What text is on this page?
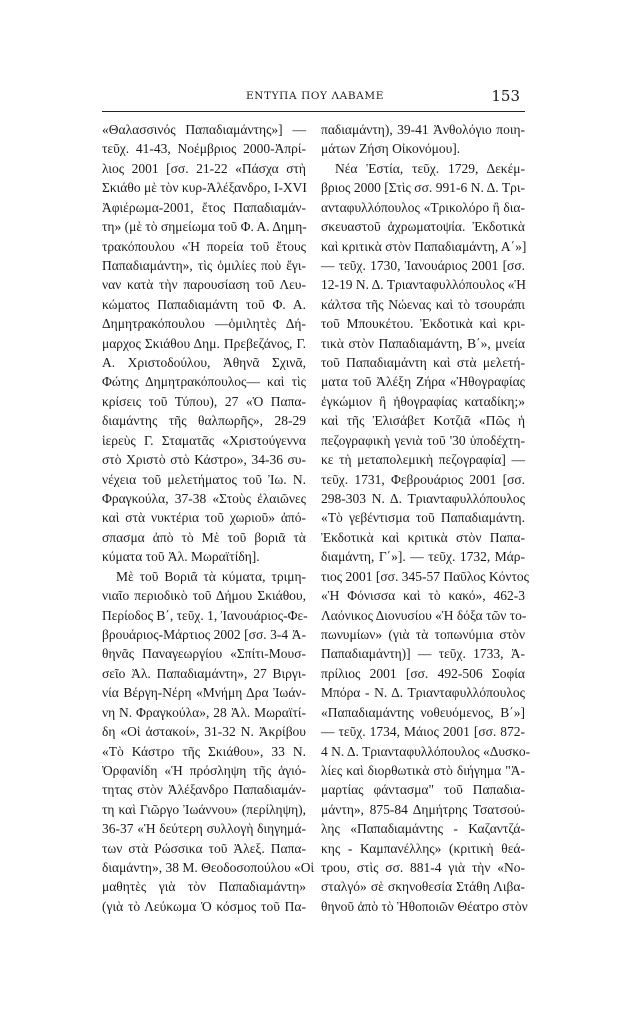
ΕΝΤΥΠΑ ΠΟΥ ΛΑΒΑΜΕ	153
«Θαλασσινός Παπαδιαμάντης»] —
τεῦχ. 41-43, Νοέμβριος 2000-Ἀπρί-
λιος 2001 [σσ. 21-22 «Πάσχα στὴ
Σκιάθο μὲ τὸν κυρ-Ἀλέξανδρο, I-XVI
Ἀφιέρωμα-2001, ἔτος Παπαδιαμάν-
τη» (μὲ τὸ σημείωμα τοῦ Φ. Α. Δημη-
τρακόπουλου «Ἡ πορεία τοῦ ἔτους
Παπαδιαμάντη», τὶς ὁμιλίες ποὺ ἔγι-
ναν κατὰ τὴν παρουσίαση τοῦ Λευ-
κώματος Παπαδιαμάντη τοῦ Φ. Α.
Δημητρακόπουλου —ὁμιλητὲς Δή-
μαρχος Σκιάθου Δημ. Πρεβεζάνος, Γ.
Α. Χριστοδούλου, Ἀθηνᾶ Σχινᾶ,
Φώτης Δημητρακόπουλος— καὶ τὶς
κρίσεις τοῦ Τύπου), 27 «Ὁ Παπα-
διαμάντης τῆς θαλπωρῆς», 28-29
ἱερεὺς Γ. Σταματᾶς «Χριστούγεννα
στὸ Χριστὸ στὸ Κάστρο», 34-36 συ-
νέχεια τοῦ μελετήματος τοῦ Ἰω. Ν.
Φραγκούλα, 37-38 «Στοὺς ἐλαιῶνες
καὶ στὰ νυκτέρια τοῦ χωριοῦ» ἀπό-
σπασμα ἀπὸ τὸ Μὲ τοῦ βοριᾶ τὰ
κύματα τοῦ Ἀλ. Μωραϊτίδη].
Μὲ τοῦ Βοριᾶ τὰ κύματα, τριμη-
νιαῖο περιοδικὸ τοῦ Δήμου Σκιάθου,
Περίοδος Β΄, τεῦχ. 1, Ἰανουάριος-Φε-
βρουάριος-Μάρτιος 2002 [σσ. 3-4 Ἀ-
θηνᾶς Παναγεωργίου «Σπίτι-Μουσ-
σεῖο Ἀλ. Παπαδιαμάντη», 27 Βιργι-
νία Βέργη-Νέρη «Μνήμη Δρα Ἰωάν-
νη Ν. Φραγκούλα», 28 Ἀλ. Μωραϊτί-
δη «Οἱ ἀστακοί», 31-32 Ν. Ἀκρίβου
«Τὸ Κάστρο τῆς Σκιάθου», 33 Ν.
Ὀρφανίδη «Ἡ πρόσληψη τῆς ἁγιό-
τητας στὸν Ἀλέξανδρο Παπαδιαμάν-
τη καὶ Γιῶργο Ἰωάννου» (περίληψη),
36-37 «Ἡ δεύτερη συλλογὴ διηγημά-
των στὰ Ρώσσικα τοῦ Ἀλεξ. Παπα-
διαμάντη», 38 Μ. Θεοδοσοπούλου «Οἱ
μαθητὲς γιὰ τὸν Παπαδιαμάντη»
(γιὰ τὸ Λεύκωμα Ὁ κόσμος τοῦ Πα-
παδιαμάντη), 39-41 Ἀνθολόγιο ποιη-
μάτων Ζήση Οἰκονόμου].
Νέα Ἑστία, τεῦχ. 1729, Δεκέμ-
βριος 2000 [Στὶς σσ. 991-6 Ν. Δ. Τρι-
ανταφυλλόπουλος «Τρικολόρο ἢ δια-
σκευαστοῦ ἀχρωματοψία. Ἐκδοτικὰ
καὶ κριτικὰ στὸν Παπαδιαμάντη, Α΄»]
— τεῦχ. 1730, Ἰανουάριος 2001 [σσ.
12-19 Ν. Δ. Τριανταφυλλόπουλος «Ἡ
κάλτσα τῆς Νώενας καὶ τὸ τσουράπι
τοῦ Μπουκέτου. Ἐκδοτικὰ καὶ κρι-
τικὰ στὸν Παπαδιαμάντη, Β΄», μνεία
τοῦ Παπαδιαμάντη καὶ στὰ μελετή-
ματα τοῦ Ἀλέξη Ζήρα «Ἠθογραφίας
ἐγκώμιον ἢ ἠθογραφίας καταδίκη;»
καὶ τῆς Ἐλισάβετ Κοτζιᾶ «Πῶς ἡ
πεζογραφικὴ γενιὰ τοῦ '30 ὑποδέχτη-
κε τὴ μεταπολεμικὴ πεζογραφία] —
τεῦχ. 1731, Φεβρουάριος 2001 [σσ.
298-303 Ν. Δ. Τριανταφυλλόπουλος
«Τὸ γεβέντισμα τοῦ Παπαδιαμάντη.
Ἐκδοτικὰ καὶ κριτικὰ στὸν Παπα-
διαμάντη, Γ΄»]. — τεῦχ. 1732, Μάρ-
τιος 2001 [σσ. 345-57 Παῦλος Κόντος
«Ἡ Φόνισσα καὶ τὸ κακό», 462-3
Λαόνικος Διονυσίου «Ἡ δόξα τῶν το-
πωνυμίων» (γιὰ τὰ τοπωνύμια στὸν
Παπαδιαμάντη)] — τεῦχ. 1733, Ἀ-
πρίλιος 2001 [σσ. 492-506 Σοφία
Μπόρα - Ν. Δ. Τριανταφυλλόπουλος
«Παπαδιαμάντης νοθευόμενος, Β΄»]
— τεῦχ. 1734, Μάιος 2001 [σσ. 872-
4 Ν. Δ. Τριανταφυλλόπουλος «Δυσκο-
λίες καὶ διορθωτικὰ στὸ διήγημα "Ἁ-
μαρτίας φάντασμα" τοῦ Παπαδια-
μάντη», 875-84 Δημήτρης Τσατσού-
λης «Παπαδιαμάντης - Καζαντζά-
κης - Καμπανέλλης» (κριτικὴ θεά-
τρου, στὶς σσ. 881-4 γιὰ τὴν «Νο-
σταλγό» σὲ σκηνοθεσία Στάθη Λιβα-
θηνοῦ ἀπὸ τὸ Ἠθοποιῶν Θέατρο στὸν
